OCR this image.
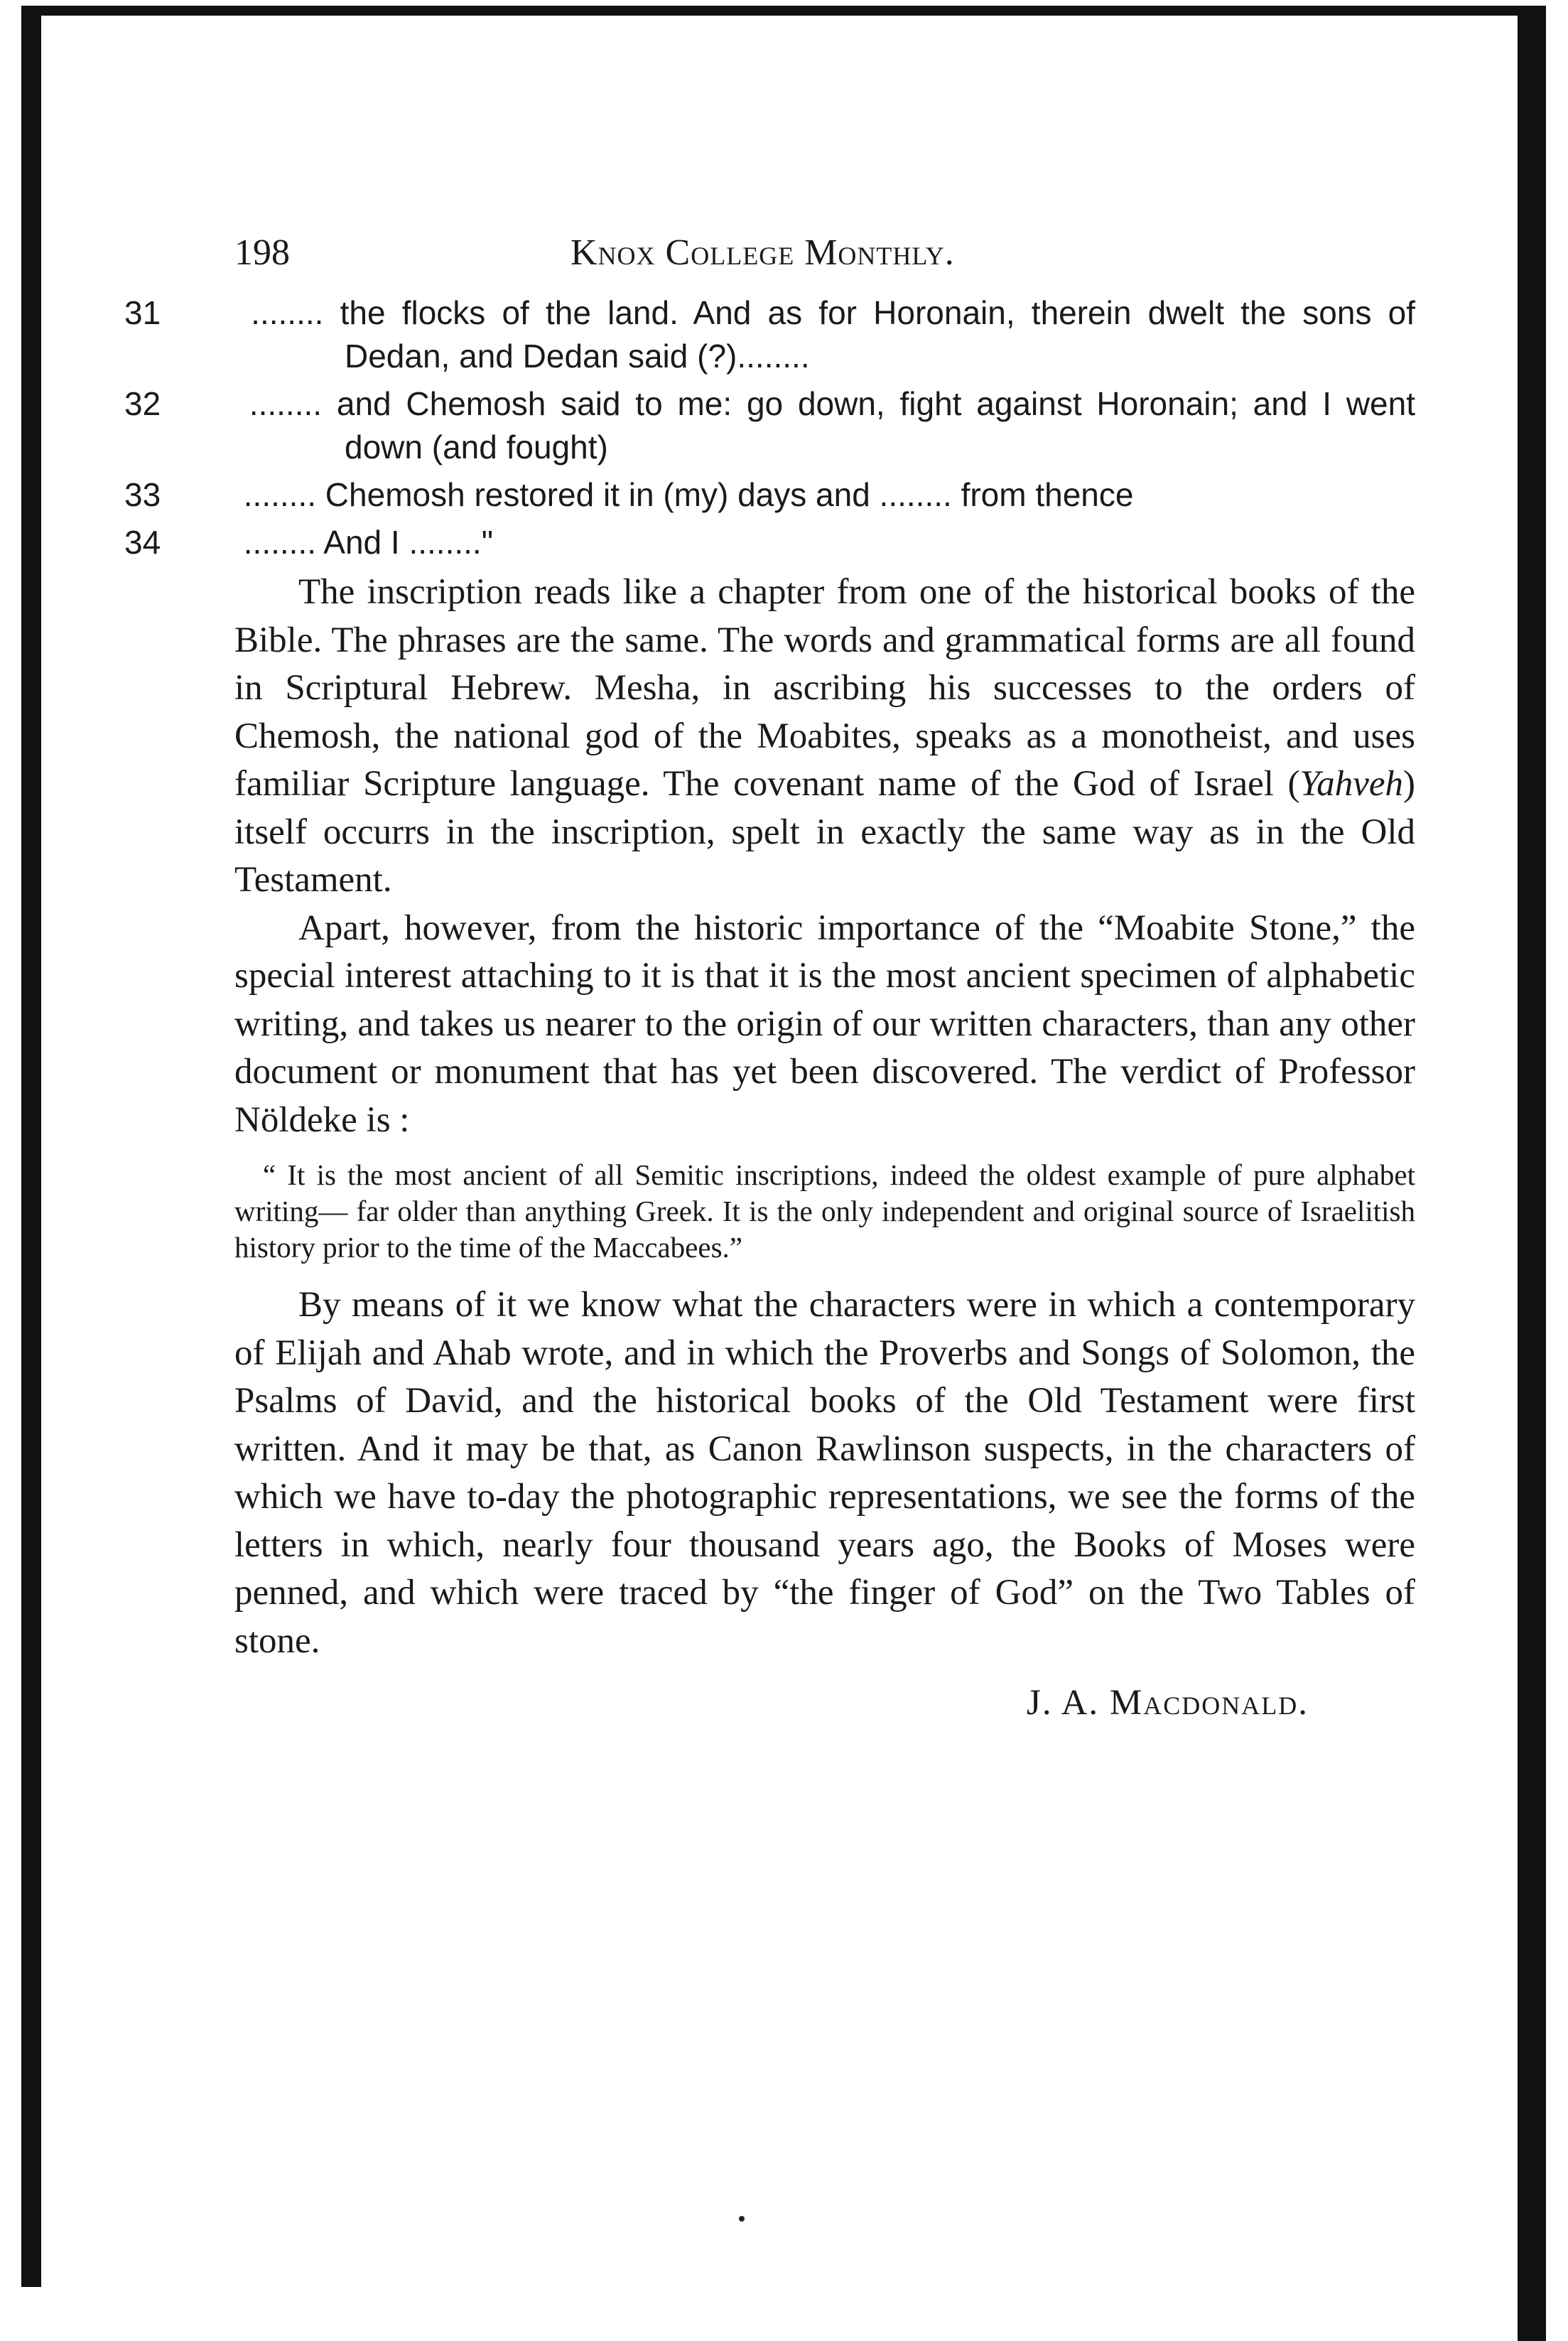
198	Knox College Monthly.

31 ........ the flocks of the land. And as for Horonain, therein dwelt the sons of Dedan, and Dedan said (?)........

32 ........ and Chemosh said to me: go down, fight against Horonain; and I went down (and fought)

33 ........ Chemosh restored it in (my) days and ........ from thence

34 ........ And I ........"

The inscription reads like a chapter from one of the historical books of the Bible. The phrases are the same. The words and grammatical forms are all found in Scriptural Hebrew. Mesha, in ascribing his successes to the orders of Chemosh, the national god of the Moabites, speaks as a monotheist, and uses familiar Scripture language. The covenant name of the God of Israel (Yahveh) itself occurrs in the inscription, spelt in exactly the same way as in the Old Testament.

Apart, however, from the historic importance of the “Moabite Stone,” the special interest attaching to it is that it is the most ancient specimen of alphabetic writing, and takes us nearer to the origin of our written characters, than any other document or monument that has yet been discovered. The verdict of Professor Nöldeke is :

“ It is the most ancient of all Semitic inscriptions, indeed the oldest example of pure alphabet writing— far older than anything Greek. It is the only independent and original source of Israelitish history prior to the time of the Maccabees.”

By means of it we know what the characters were in which a contemporary of Elijah and Ahab wrote, and in which the Proverbs and Songs of Solomon, the Psalms of David, and the historical books of the Old Testament were first written. And it may be that, as Canon Rawlinson suspects, in the characters of which we have to-day the photographic representations, we see the forms of the letters in which, nearly four thousand years ago, the Books of Moses were penned, and which were traced by “the finger of God” on the Two Tables of stone.

J. A. Macdonald.
